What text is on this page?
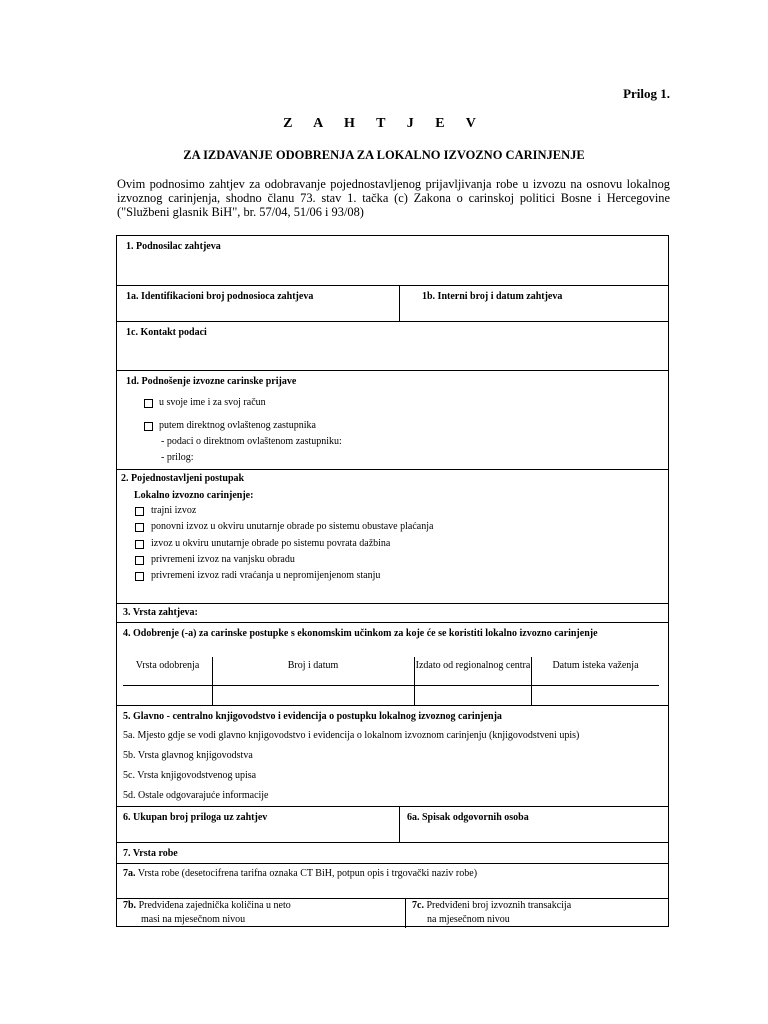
Prilog 1.
Z A H T J E V
ZA IZDAVANJE ODOBRENJA ZA LOKALNO IZVOZNO CARINJENJE
Ovim podnosimo zahtjev za odobravanje pojednostavljenog prijavljivanja robe u izvozu na osnovu lokalnog izvoznog carinjenja, shodno članu 73. stav 1. tačka (c) Zakona o carinskoj politici Bosne i Hercegovine ("Službeni glasnik BiH", br. 57/04, 51/06 i 93/08)
1. Podnosilac zahtjeva
1a. Identifikacioni broj podnosioca zahtjeva	1b. Interni broj i datum zahtjeva
1c. Kontakt podaci
1d. Podnošenje izvozne carinske prijave
u svoje ime i za svoj račun
putem direktnog ovlaštenog zastupnika
- podaci o direktnom ovlaštenom zastupniku:
- prilog:
2. Pojednostavljeni postupak
Lokalno izvozno carinjenje:
trajni izvoz
ponovni izvoz u okviru unutarnje obrade po sistemu obustave plaćanja
izvoz u okviru unutarnje obrade po sistemu povrata dažbina
privremeni izvoz na vanjsku obradu
privremeni izvoz radi vraćanja u nepromijenjenom stanju
3. Vrsta zahtjeva:
4. Odobrenje (-a) za carinske postupke s ekonomskim učinkom za koje će se koristiti lokalno izvozno carinjenje
Vrsta odobrenja	Broj i datum	Izdato od regionalnog centra	Datum isteka važenja
5. Glavno - centralno knjigovodstvo i evidencija o postupku lokalnog izvoznog carinjenja
5a. Mjesto gdje se vodi glavno knjigovodstvo i evidencija o lokalnom izvoznom carinjenju (knjigovodstveni upis)
5b. Vrsta glavnog knjigovodstva
5c. Vrsta knjigovodstvenog upisa
5d. Ostale odgovarajuće informacije
6. Ukupan broj priloga uz zahtjev	6a. Spisak odgovornih osoba
7. Vrsta robe
7a. Vrsta robe (desetocifrena tarifna oznaka CT BiH, potpun opis i trgovački naziv robe)
7b. Predviđena zajednička količina u neto
masi na mjesečnom nivou
7c. Predviđeni broj izvoznih transakcija
na mjesečnom nivou
